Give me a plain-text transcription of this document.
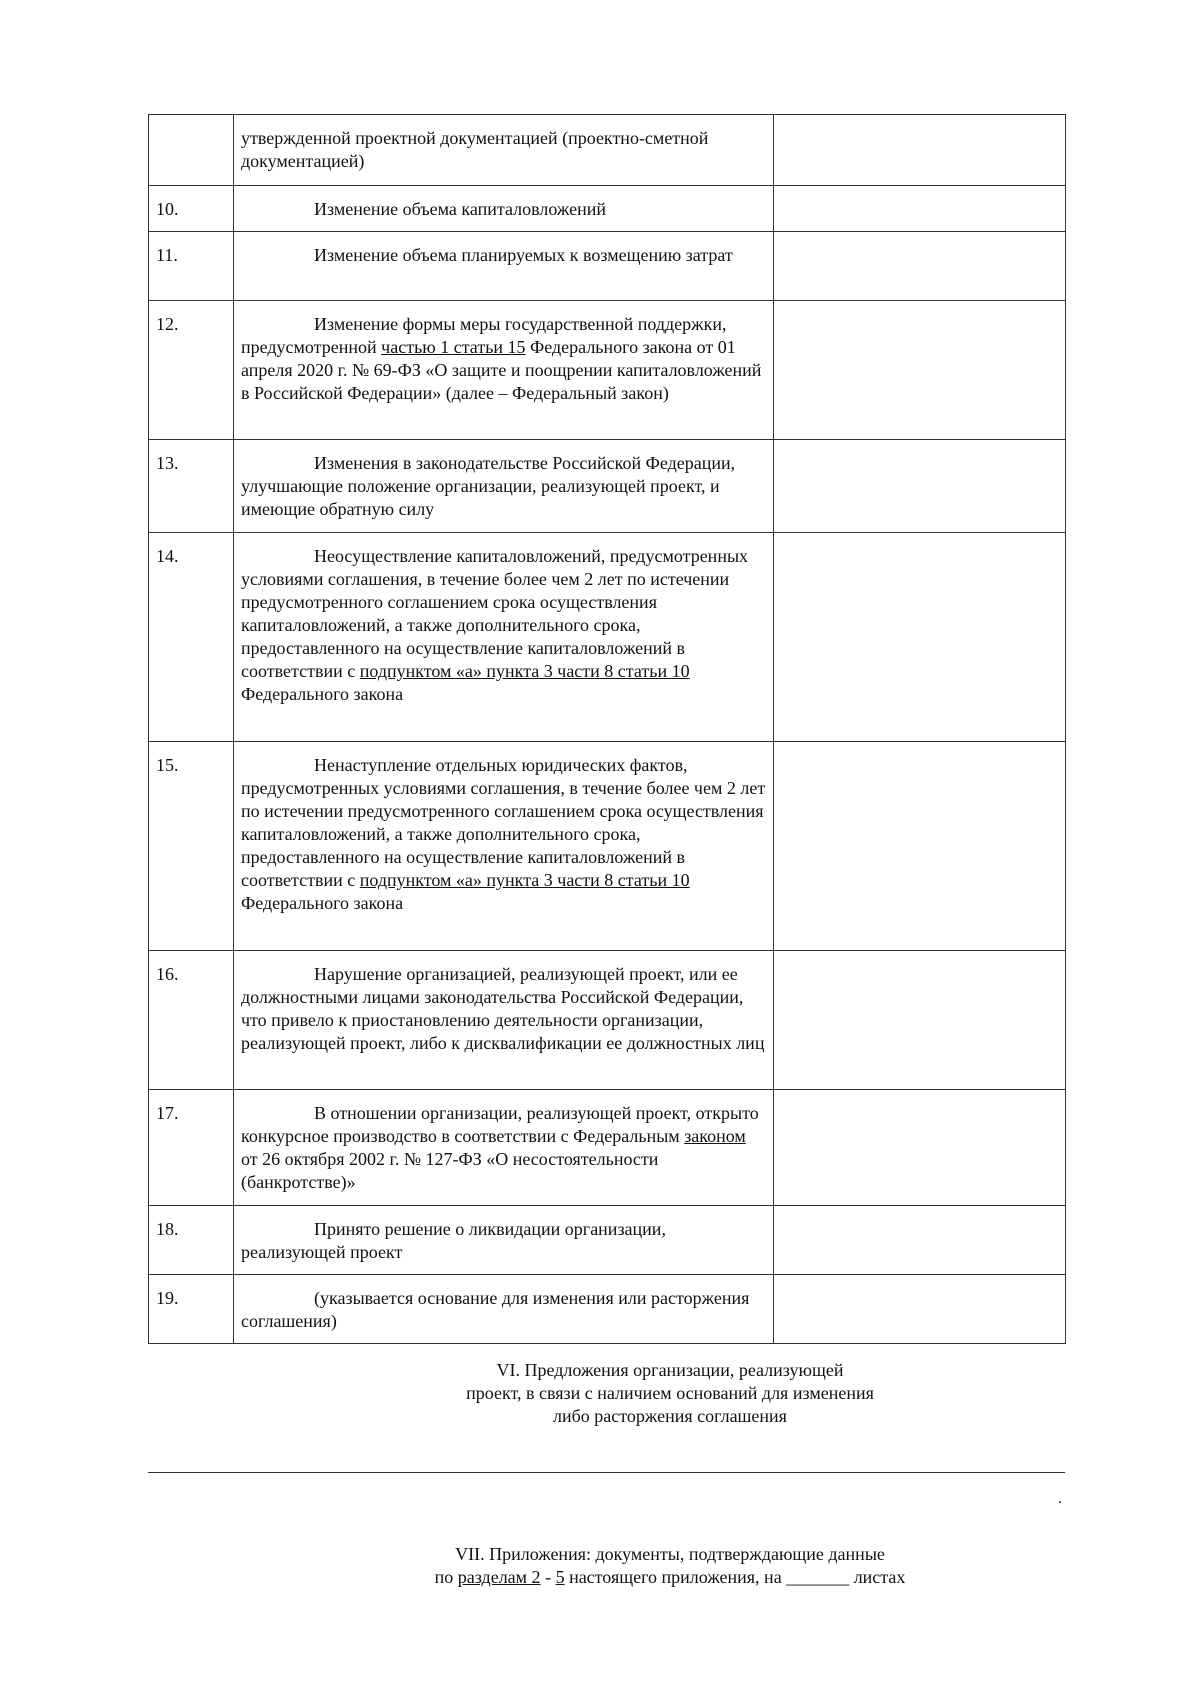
	утвержденной проектной документацией (проектно-сметной документацией)	
10.	Изменение объема капиталовложений	
11.	Изменение объема планируемых к возмещению затрат	
12.	Изменение формы меры государственной поддержки, предусмотренной частью 1 статьи 15 Федерального закона от 01 апреля 2020 г. № 69-ФЗ «О защите и поощрении капиталовложений в Российской Федерации» (далее – Федеральный закон)	
13.	Изменения в законодательстве Российской Федерации, улучшающие положение организации, реализующей проект, и имеющие обратную силу	
14.	Неосуществление капиталовложений, предусмотренных условиями соглашения, в течение более чем 2 лет по истечении предусмотренного соглашением срока осуществления капиталовложений, а также дополнительного срока, предоставленного на осуществление капиталовложений в соответствии с подпунктом «а» пункта 3 части 8 статьи 10 Федерального закона	
15.	Ненаступление отдельных юридических фактов, предусмотренных условиями соглашения, в течение более чем 2 лет по истечении предусмотренного соглашением срока осуществления капиталовложений, а также дополнительного срока, предоставленного на осуществление капиталовложений в соответствии с подпунктом «а» пункта 3 части 8 статьи 10 Федерального закона	
16.	Нарушение организацией, реализующей проект, или ее должностными лицами законодательства Российской Федерации, что привело к приостановлению деятельности организации, реализующей проект, либо к дисквалификации ее должностных лиц	
17.	В отношении организации, реализующей проект, открыто конкурсное производство в соответствии с Федеральным законом от 26 октября 2002 г. № 127-ФЗ «О несостоятельности (банкротстве)»	
18.	Принято решение о ликвидации организации, реализующей проект	
19.	(указывается основание для изменения или расторжения соглашения)	
VI. Предложения организации, реализующей
проект, в связи с наличием оснований для изменения
либо расторжения соглашения
.
VII. Приложения: документы, подтверждающие данные
по разделам 2 - 5 настоящего приложения, на _______ листах
